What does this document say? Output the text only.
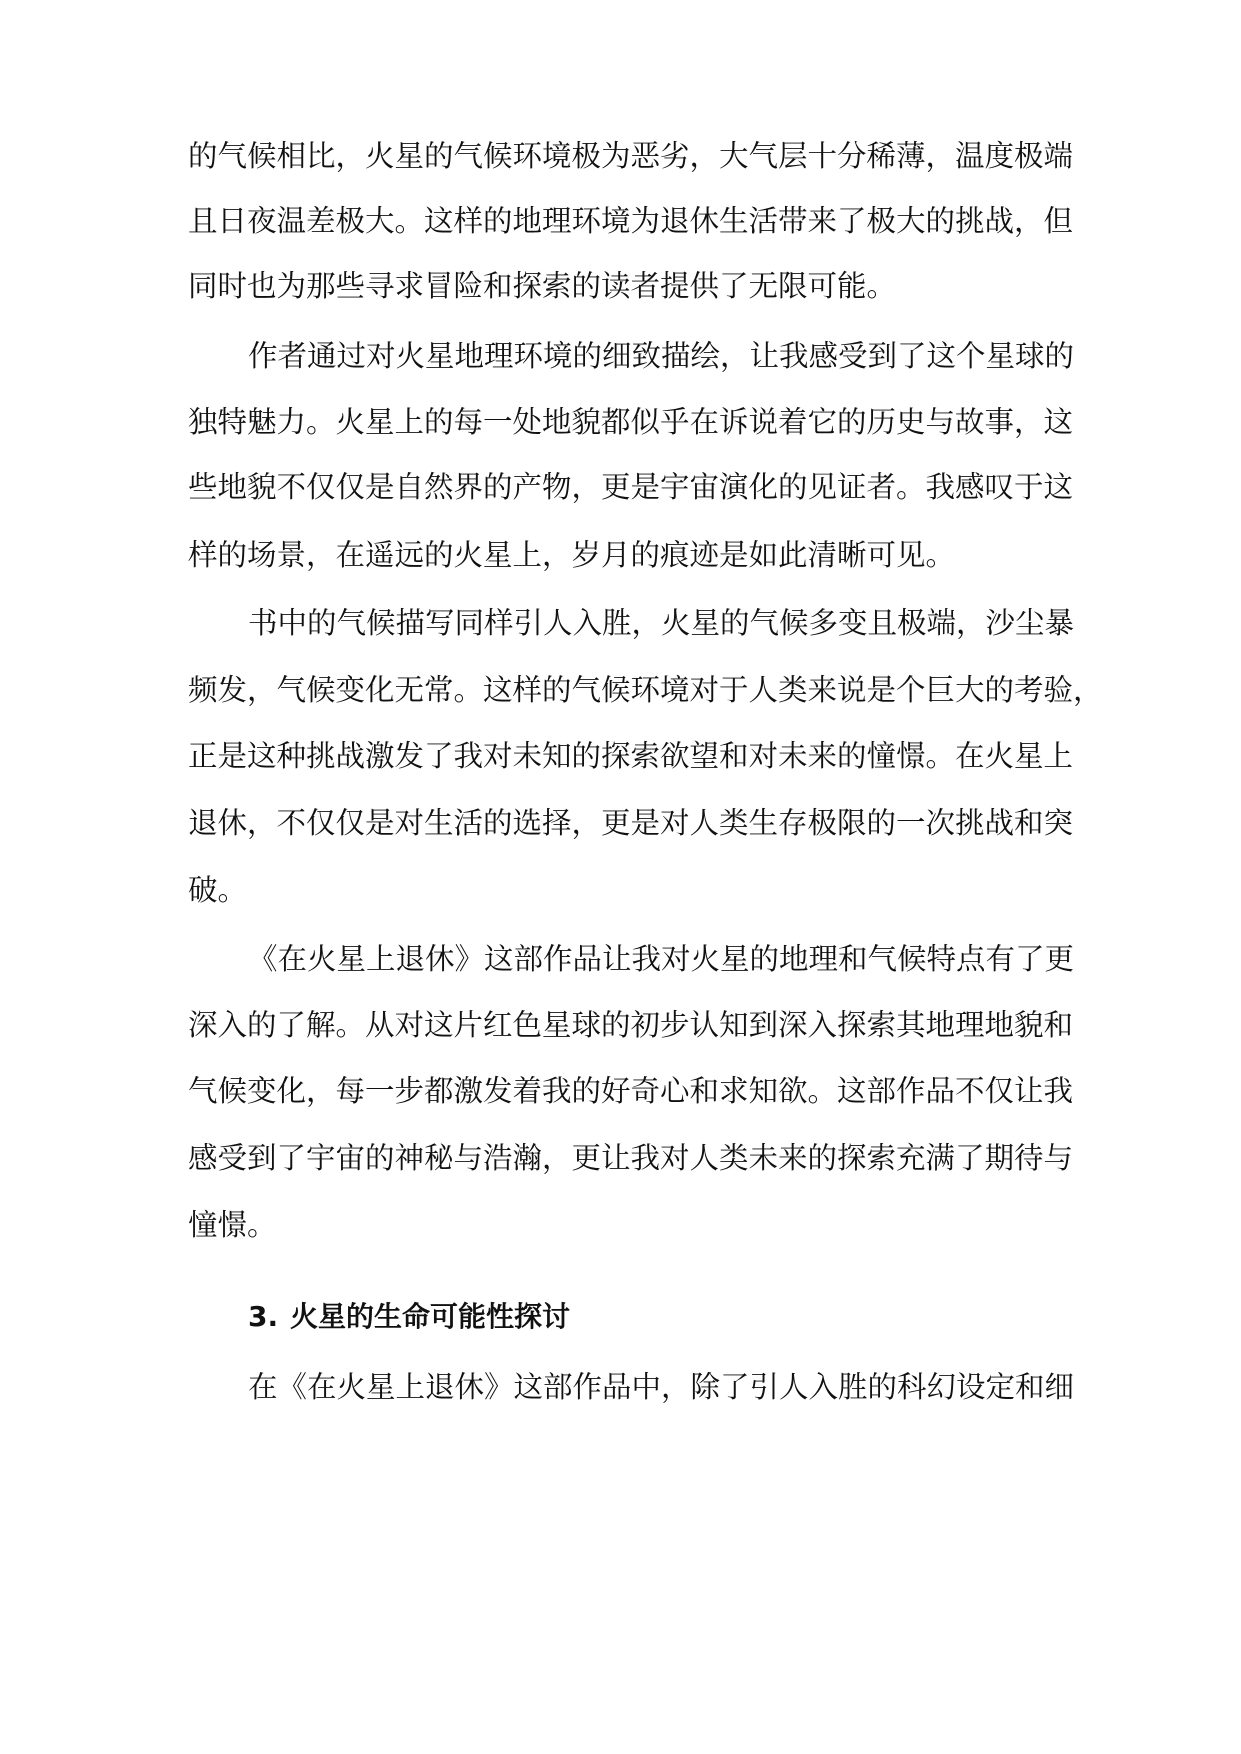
的气候相比，火星的气候环境极为恶劣，大气层十分稀薄，温度极端
且日夜温差极大。这样的地理环境为退休生活带来了极大的挑战，但
同时也为那些寻求冒险和探索的读者提供了无限可能。
作者通过对火星地理环境的细致描绘，让我感受到了这个星球的
独特魅力。火星上的每一处地貌都似乎在诉说着它的历史与故事，这
些地貌不仅仅是自然界的产物，更是宇宙演化的见证者。我感叹于这
样的场景，在遥远的火星上，岁月的痕迹是如此清晰可见。
书中的气候描写同样引人入胜，火星的气候多变且极端，沙尘暴
频发，气候变化无常。这样的气候环境对于人类来说是个巨大的考验，
正是这种挑战激发了我对未知的探索欲望和对未来的憧憬。在火星上
退休，不仅仅是对生活的选择，更是对人类生存极限的一次挑战和突
破。
《在火星上退休》这部作品让我对火星的地理和气候特点有了更
深入的了解。从对这片红色星球的初步认知到深入探索其地理地貌和
气候变化，每一步都激发着我的好奇心和求知欲。这部作品不仅让我
感受到了宇宙的神秘与浩瀚，更让我对人类未来的探索充满了期待与
憧憬。
3. 火星的生命可能性探讨
在《在火星上退休》这部作品中，除了引人入胜的科幻设定和细
